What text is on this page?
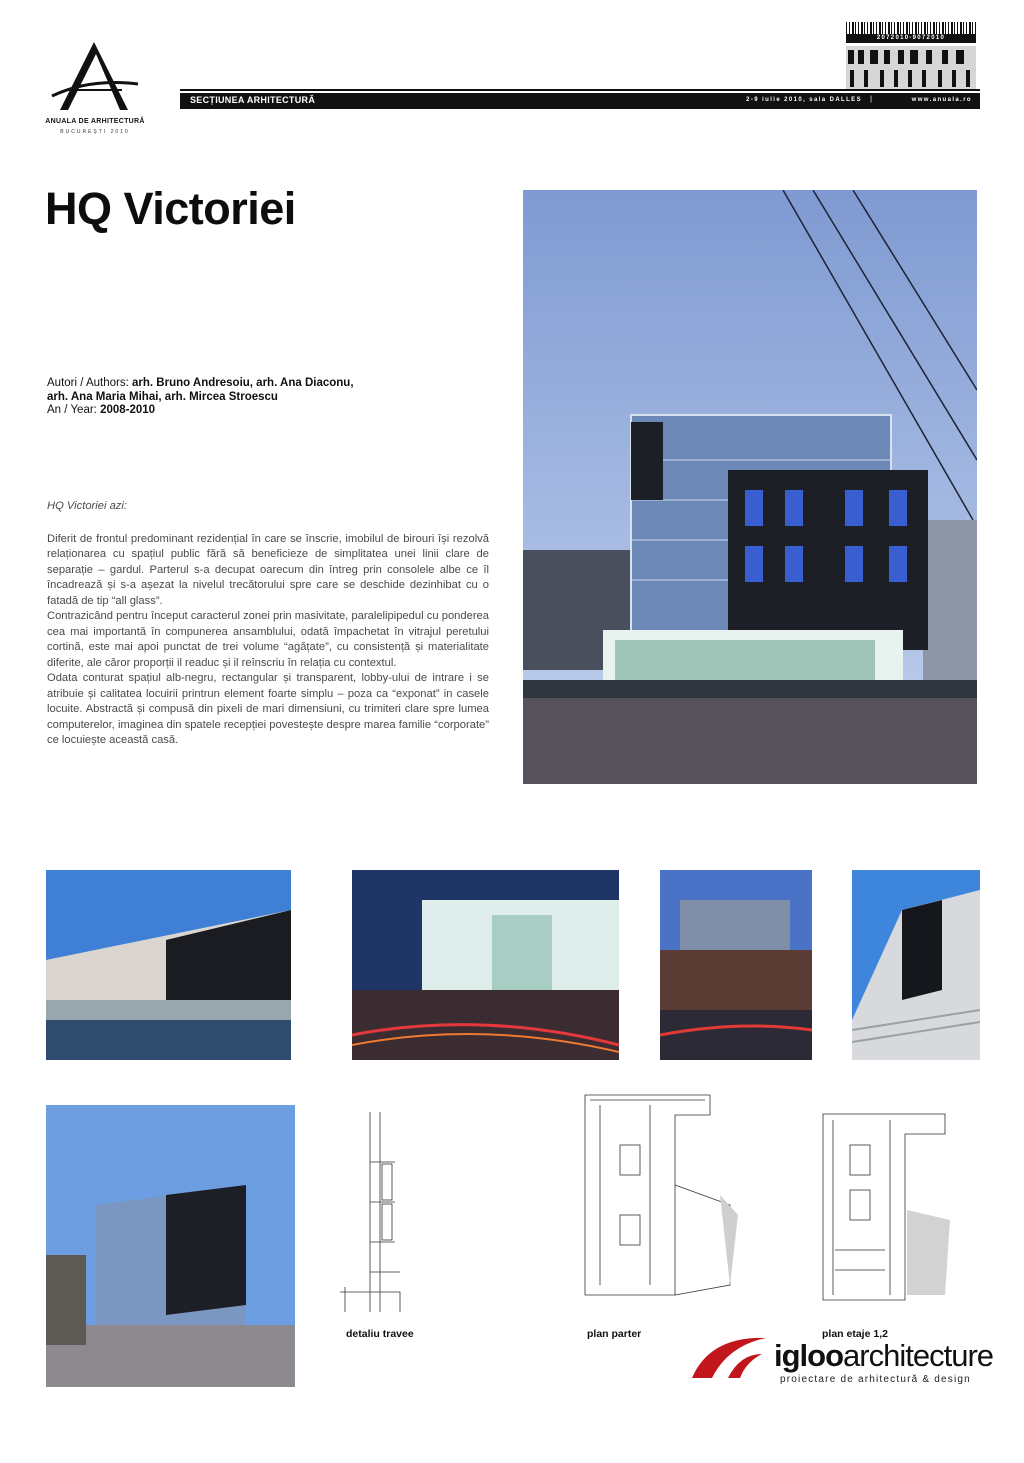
ANUALA DE ARHITECTURĂ
BUCUREȘTI 2010
SECȚIUNEA ARHITECTURĂ	2-9 iulie 2010, sala DALLES |	www.anuala.ro
2072010-9072010
HQ Victoriei
Autori / Authors: arh. Bruno Andresoiu, arh. Ana Diaconu,
arh. Ana Maria Mihai, arh. Mircea Stroescu
An / Year: 2008-2010
HQ Victoriei azi:

Diferit de frontul predominant rezidențial în care se înscrie, imobilul de birouri își rezolvă relaționarea cu spațiul public fără să beneficieze de simplitatea unei linii clare de separație – gardul. Parterul s-a decupat oarecum din întreg prin consolele albe ce îl încadrează și s-a așezat la nivelul trecătorului spre care se deschide dezinhibat cu o fatadă de tip “all glass”.

Contrazicând pentru început caracterul zonei prin masivitate, paralelipipedul cu ponderea cea mai importantă în compunerea ansamblului, odată împachetat în vitrajul peretului cortină, este mai apoi punctat de trei volume “agățate”, cu consistență și materialitate diferite, ale căror proporții il readuc și il reînscriu în relația cu contextul.

Odata conturat spațiul alb-negru, rectangular și transparent, lobby-ului de intrare i se atribuie și calitatea locuirii printrun element foarte simplu – poza ca “exponat” in casele locuite. Abstractă și compusă din pixeli de mari dimensiuni, cu trimiteri clare spre lumea computerelor, imaginea din spatele recepției povestește despre marea familie “corporate” ce locuiește această casă.

detaliu travee	plan parter	plan etaje 1,2
iglooarchitecture
proiectare de arhitectură & design
